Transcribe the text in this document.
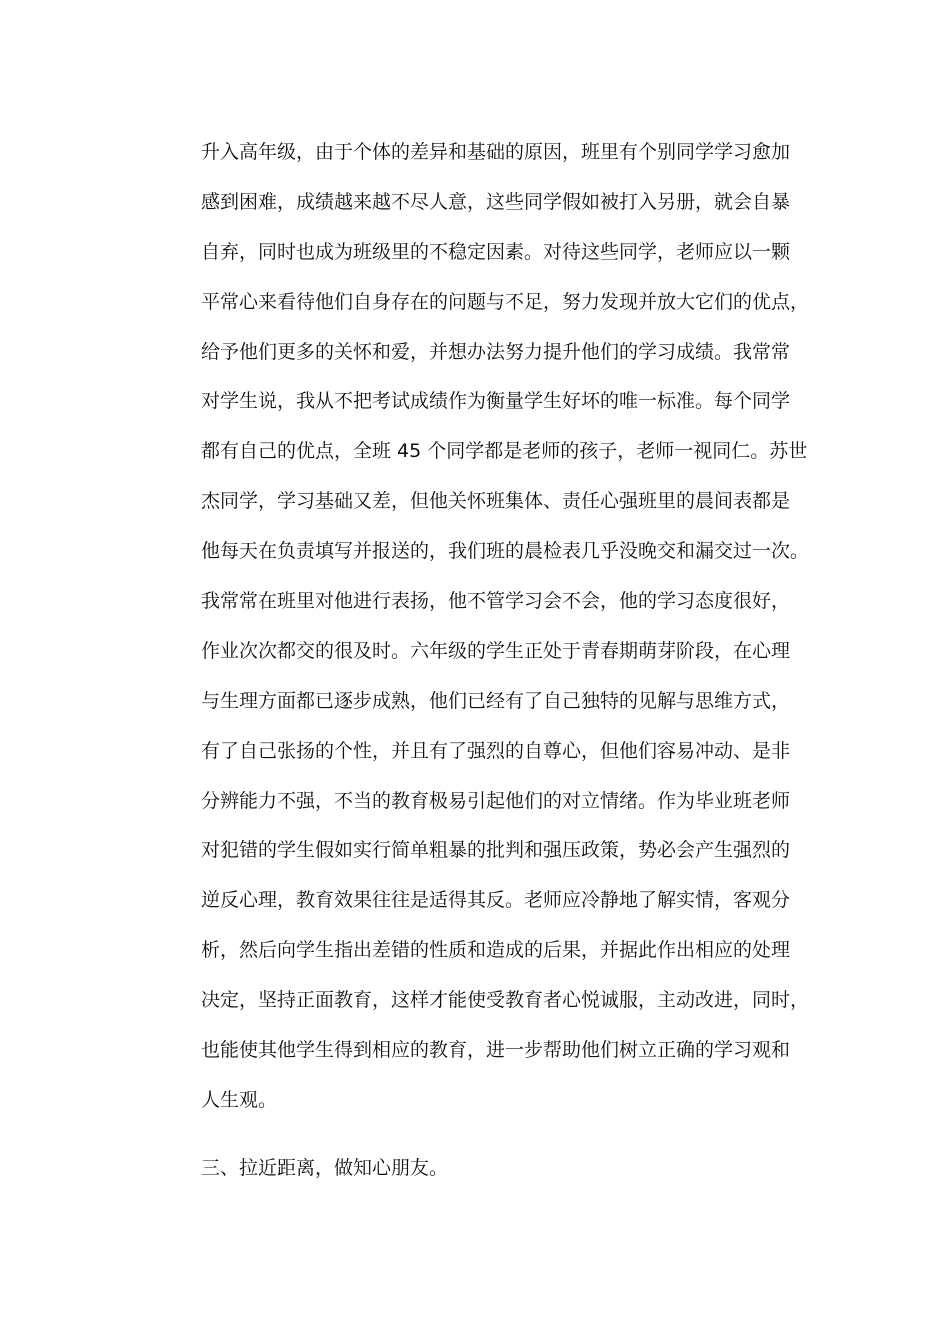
升入高年级，由于个体的差异和基础的原因，班里有个别同学学习愈加
感到困难，成绩越来越不尽人意，这些同学假如被打入另册，就会自暴
自弃，同时也成为班级里的不稳定因素。对待这些同学，老师应以一颗
平常心来看待他们自身存在的问题与不足，努力发现并放大它们的优点，
给予他们更多的关怀和爱，并想办法努力提升他们的学习成绩。我常常
对学生说，我从不把考试成绩作为衡量学生好坏的唯一标准。每个同学
都有自己的优点，全班 45 个同学都是老师的孩子，老师一视同仁。苏世
杰同学，学习基础又差，但他关怀班集体、责任心强班里的晨间表都是
他每天在负责填写并报送的，我们班的晨检表几乎没晚交和漏交过一次。
我常常在班里对他进行表扬，他不管学习会不会，他的学习态度很好，
作业次次都交的很及时。六年级的学生正处于青春期萌芽阶段，在心理
与生理方面都已逐步成熟，他们已经有了自己独特的见解与思维方式，
有了自己张扬的个性，并且有了强烈的自尊心，但他们容易冲动、是非
分辨能力不强，不当的教育极易引起他们的对立情绪。作为毕业班老师
对犯错的学生假如实行简单粗暴的批判和强压政策，势必会产生强烈的
逆反心理，教育效果往往是适得其反。老师应冷静地了解实情，客观分
析，然后向学生指出差错的性质和造成的后果，并据此作出相应的处理
决定，坚持正面教育，这样才能使受教育者心悦诚服，主动改进，同时，
也能使其他学生得到相应的教育，进一步帮助他们树立正确的学习观和
人生观。
三、拉近距离，做知心朋友。
